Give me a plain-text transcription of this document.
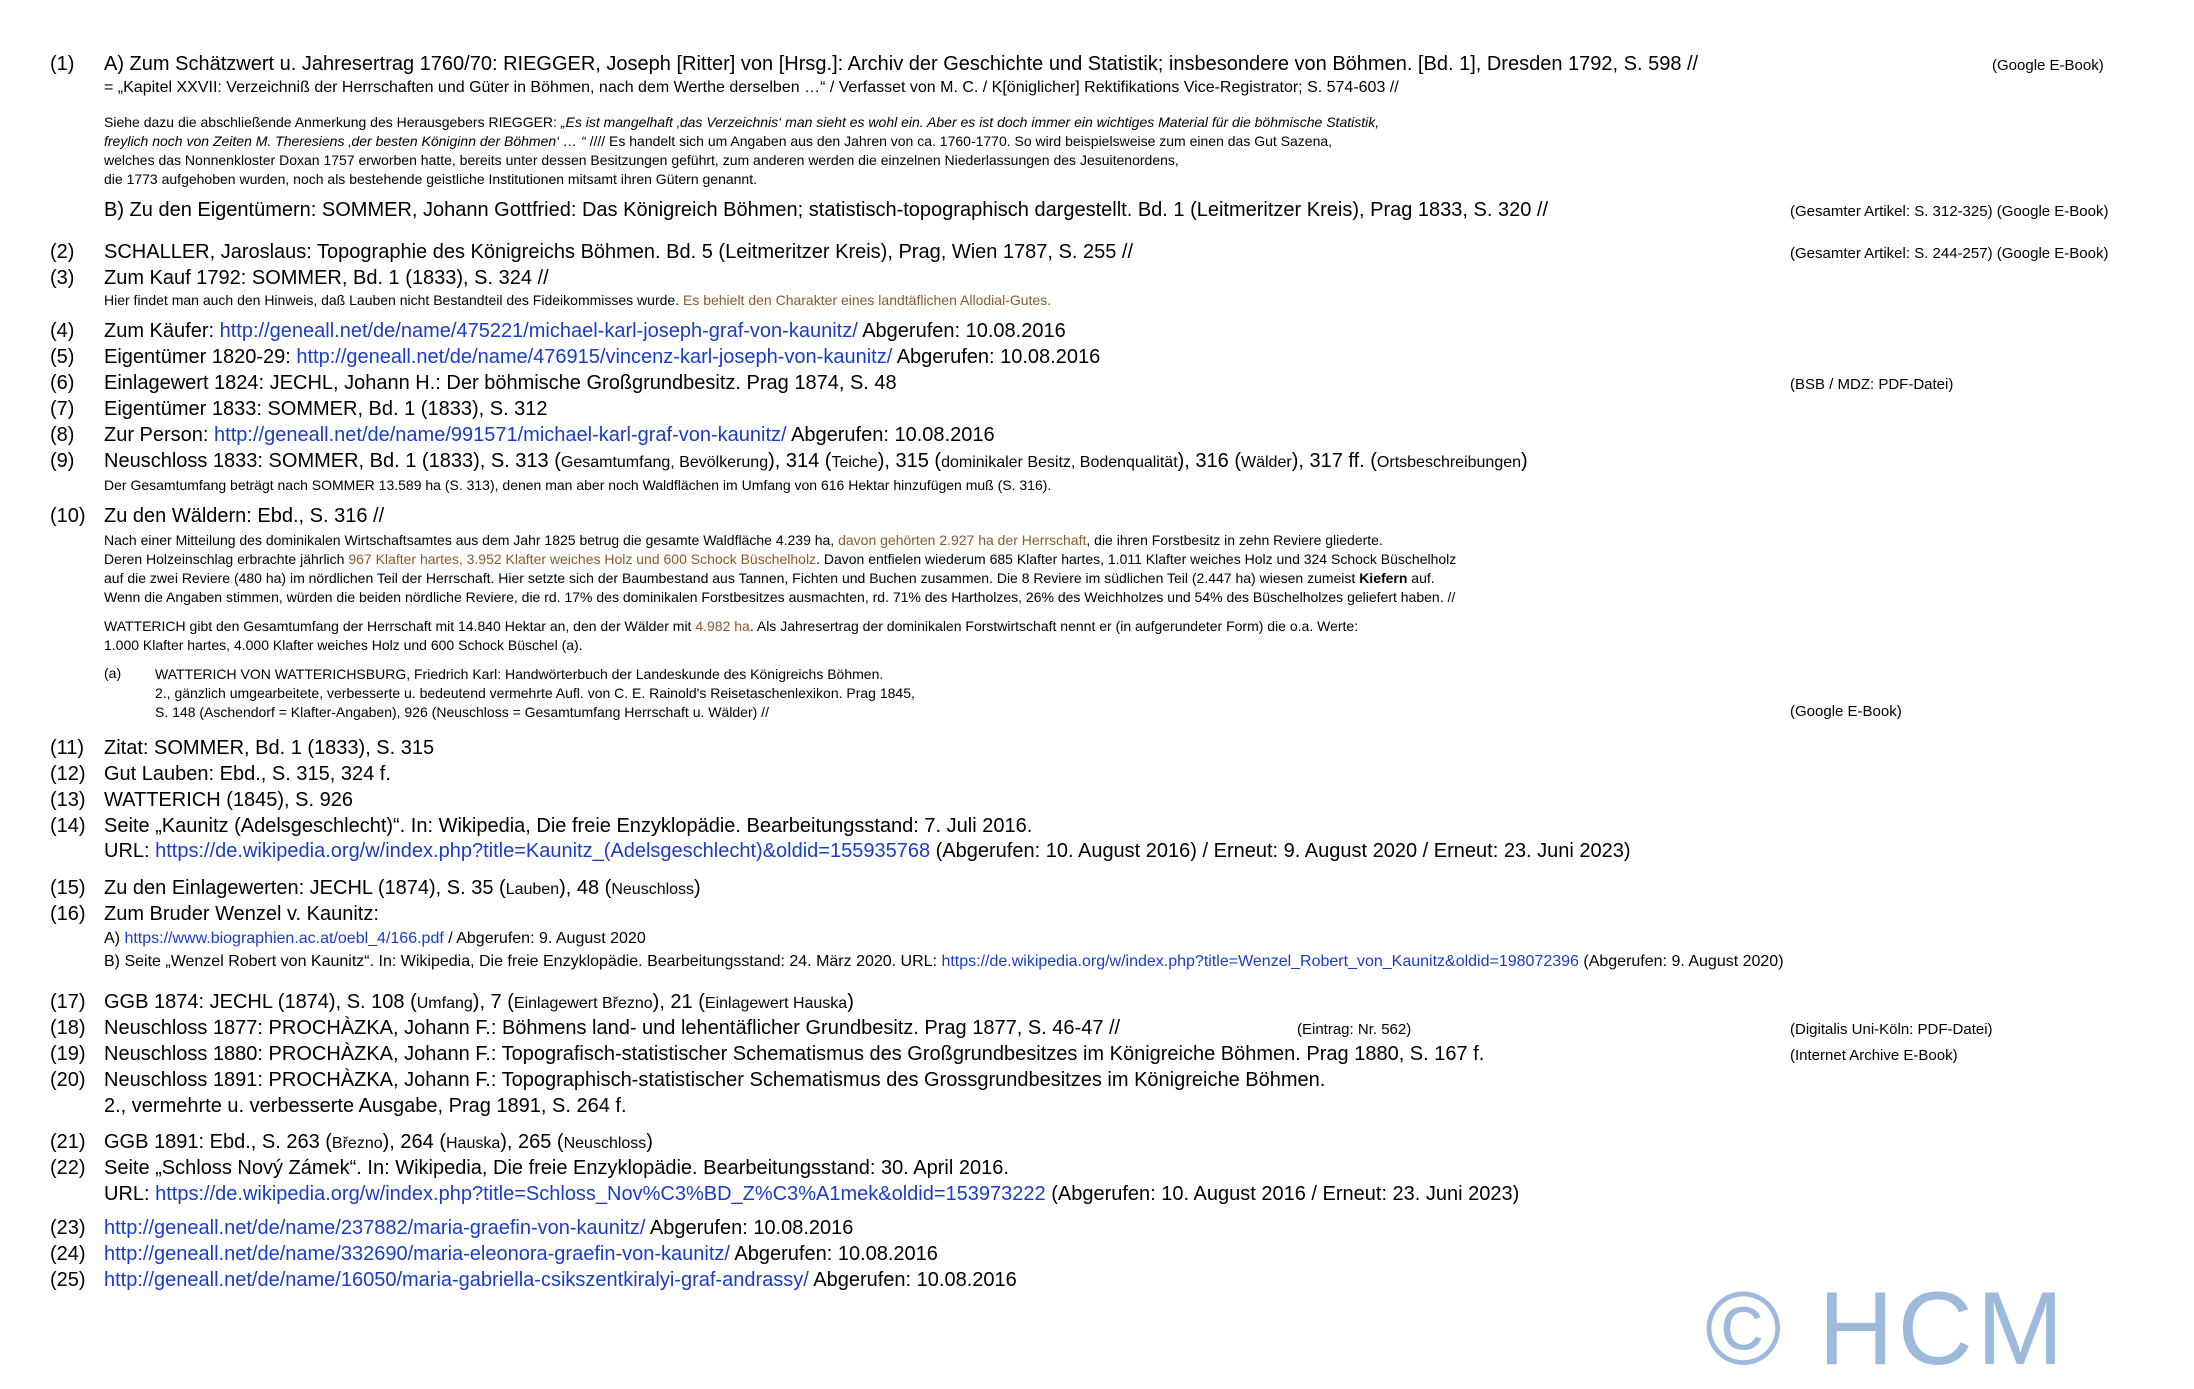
(1) A) Zum Schätzwert u. Jahresertrag 1760/70: RIEGGER, Joseph [Ritter] von [Hrsg.]: Archiv der Geschichte und Statistik; insbesondere von Böhmen. [Bd. 1], Dresden 1792, S. 598 //	(Google E-Book)
= „Kapitel XXVII: Verzeichniß der Herrschaften und Güter in Böhmen, nach dem Werthe derselben …“ / Verfasset von M. C. / K[öniglicher] Rektifikations Vice-Registrator; S. 574-603 //
Siehe dazu die abschließende Anmerkung des Herausgebers RIEGGER: „Es ist mangelhaft ‚das Verzeichnis‘ man sieht es wohl ein. Aber es ist doch immer ein wichtiges Material für die böhmische Statistik,
freylich noch von Zeiten M. Theresiens ‚der besten Königinn der Böhmen‘ … “ //// Es handelt sich um Angaben aus den Jahren von ca. 1760-1770. So wird beispielsweise zum einen das Gut Sazena,
welches das Nonnenkloster Doxan 1757 erworben hatte, bereits unter dessen Besitzungen geführt, zum anderen werden die einzelnen Niederlassungen des Jesuitenordens,
die 1773 aufgehoben wurden, noch als bestehende geistliche Institutionen mitsamt ihren Gütern genannt.
B) Zu den Eigentümern: SOMMER, Johann Gottfried: Das Königreich Böhmen; statistisch-topographisch dargestellt. Bd. 1 (Leitmeritzer Kreis), Prag 1833, S. 320 //	(Gesamter Artikel: S. 312-325) (Google E-Book)
(2) SCHALLER, Jaroslaus: Topographie des Königreichs Böhmen. Bd. 5 (Leitmeritzer Kreis), Prag, Wien 1787, S. 255 //	(Gesamter Artikel: S. 244-257) (Google E-Book)
(3) Zum Kauf 1792: SOMMER, Bd. 1 (1833), S. 324 //
Hier findet man auch den Hinweis, daß Lauben nicht Bestandteil des Fideikommisses wurde. Es behielt den Charakter eines landtäflichen Allodial-Gutes.
(4) Zum Käufer: http://geneall.net/de/name/475221/michael-karl-joseph-graf-von-kaunitz/ Abgerufen: 10.08.2016
(5) Eigentümer 1820-29: http://geneall.net/de/name/476915/vincenz-karl-joseph-von-kaunitz/ Abgerufen: 10.08.2016
(6) Einlagewert 1824: JECHL, Johann H.: Der böhmische Großgrundbesitz. Prag 1874, S. 48	(BSB / MDZ: PDF-Datei)
(7) Eigentümer 1833: SOMMER, Bd. 1 (1833), S. 312
(8) Zur Person: http://geneall.net/de/name/991571/michael-karl-graf-von-kaunitz/ Abgerufen: 10.08.2016
(9) Neuschloss 1833: SOMMER, Bd. 1 (1833), S. 313 (Gesamtumfang, Bevölkerung), 314 (Teiche), 315 (dominikaler Besitz, Bodenqualität), 316 (Wälder), 317 ff. (Ortsbeschreibungen)
Der Gesamtumfang beträgt nach SOMMER 13.589 ha (S. 313), denen man aber noch Waldflächen im Umfang von 616 Hektar hinzufügen muß (S. 316).
(10) Zu den Wäldern: Ebd., S. 316 //
Nach einer Mitteilung des dominikalen Wirtschaftsamtes aus dem Jahr 1825 betrug die gesamte Waldfläche 4.239 ha, davon gehörten 2.927 ha der Herrschaft, die ihren Forstbesitz in zehn Reviere gliederte.
Deren Holzeinschlag erbrachte jährlich 967 Klafter hartes, 3.952 Klafter weiches Holz und 600 Schock Büschelholz. Davon entfielen wiederum 685 Klafter hartes, 1.011 Klafter weiches Holz und 324 Schock Büschelholz
auf die zwei Reviere (480 ha) im nördlichen Teil der Herrschaft. Hier setzte sich der Baumbestand aus Tannen, Fichten und Buchen zusammen. Die 8 Reviere im südlichen Teil (2.447 ha) wiesen zumeist Kiefern auf.
Wenn die Angaben stimmen, würden die beiden nördliche Reviere, die rd. 17% des dominikalen Forstbesitzes ausmachten, rd. 71% des Hartholzes, 26% des Weichholzes und 54% des Büschelholzes geliefert haben. //
WATTERICH gibt den Gesamtumfang der Herrschaft mit 14.840 Hektar an, den der Wälder mit 4.982 ha. Als Jahresertrag der dominikalen Forstwirtschaft nennt er (in aufgerundeter Form) die o.a. Werte:
1.000 Klafter hartes, 4.000 Klafter weiches Holz und 600 Schock Büschel (a).
(a) WATTERICH VON WATTERICHSBURG, Friedrich Karl: Handwörterbuch der Landeskunde des Königreichs Böhmen.
2., gänzlich umgearbeitete, verbesserte u. bedeutend vermehrte Aufl. von C. E. Rainold's Reisetaschenlexikon. Prag 1845,
S. 148 (Aschendorf = Klafter-Angaben), 926 (Neuschloss = Gesamtumfang Herrschaft u. Wälder) //	(Google E-Book)
(11) Zitat: SOMMER, Bd. 1 (1833), S. 315
(12) Gut Lauben: Ebd., S. 315, 324 f.
(13) WATTERICH (1845), S. 926
(14) Seite „Kaunitz (Adelsgeschlecht)“. In: Wikipedia, Die freie Enzyklopädie. Bearbeitungsstand: 7. Juli 2016.
URL: https://de.wikipedia.org/w/index.php?title=Kaunitz_(Adelsgeschlecht)&oldid=155935768 (Abgerufen: 10. August 2016) / Erneut: 9. August 2020 / Erneut: 23. Juni 2023)
(15) Zu den Einlagewerten: JECHL (1874), S. 35 (Lauben), 48 (Neuschloss)
(16) Zum Bruder Wenzel v. Kaunitz:
A) https://www.biographien.ac.at/oebl_4/166.pdf / Abgerufen: 9. August 2020
B) Seite „Wenzel Robert von Kaunitz“. In: Wikipedia, Die freie Enzyklopädie. Bearbeitungsstand: 24. März 2020. URL: https://de.wikipedia.org/w/index.php?title=Wenzel_Robert_von_Kaunitz&oldid=198072396 (Abgerufen: 9. August 2020)
(17) GGB 1874: JECHL (1874), S. 108 (Umfang), 7 (Einlagewert Březno), 21 (Einlagewert Hauska)
(18) Neuschloss 1877: PROCHÀZKA, Johann F.: Böhmens land- und lehentäflicher Grundbesitz. Prag 1877, S. 46-47 //	(Eintrag: Nr. 562)	(Digitalis Uni-Köln: PDF-Datei)
(19) Neuschloss 1880: PROCHÀZKA, Johann F.: Topografisch-statistischer Schematismus des Großgrundbesitzes im Königreiche Böhmen. Prag 1880, S. 167 f.	(Internet Archive E-Book)
(20) Neuschloss 1891: PROCHÀZKA, Johann F.: Topographisch-statistischer Schematismus des Grossgrundbesitzes im Königreiche Böhmen.
2., vermehrte u. verbesserte Ausgabe, Prag 1891, S. 264 f.
(21) GGB 1891: Ebd., S. 263 (Březno), 264 (Hauska), 265 (Neuschloss)
(22) Seite „Schloss Nový Zámek“. In: Wikipedia, Die freie Enzyklopädie. Bearbeitungsstand: 30. April 2016.
URL: https://de.wikipedia.org/w/index.php?title=Schloss_Nov%C3%BD_Z%C3%A1mek&oldid=153973222 (Abgerufen: 10. August 2016 / Erneut: 23. Juni 2023)
(23) http://geneall.net/de/name/237882/maria-graefin-von-kaunitz/ Abgerufen: 10.08.2016
(24) http://geneall.net/de/name/332690/maria-eleonora-graefin-von-kaunitz/ Abgerufen: 10.08.2016
(25) http://geneall.net/de/name/16050/maria-gabriella-csikszentkiralyi-graf-andrassy/ Abgerufen: 10.08.2016	© HCM
